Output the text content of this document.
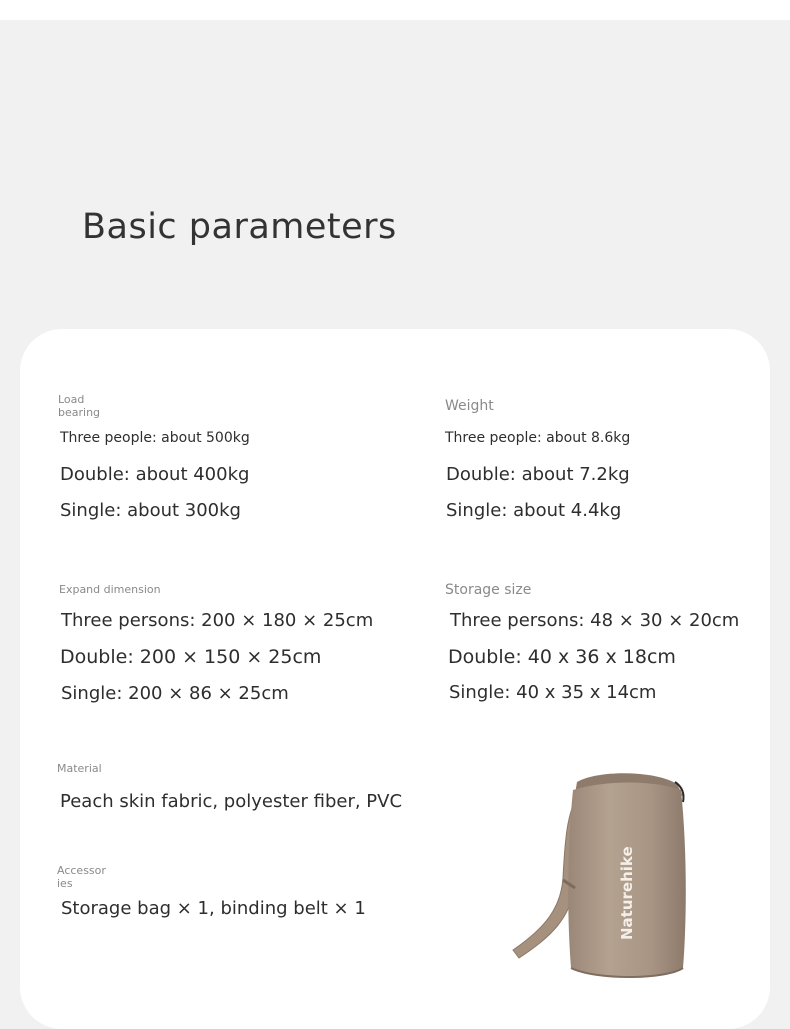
Basic parameters
Load
bearing
Three people: about 500kg
Double: about 400kg
Single: about 300kg
Weight
Three people: about 8.6kg
Double: about 7.2kg
Single: about 4.4kg
Expand dimension
Three persons: 200 × 180 × 25cm
Double: 200 × 150 × 25cm
Single: 200 × 86 × 25cm
Storage size
Three persons: 48 × 30 × 20cm
Double: 40 x 36 x 18cm
Single: 40 x 35 x 14cm
Material
Peach skin fabric, polyester fiber, PVC
Accessor
ies
Storage bag × 1, binding belt × 1	Naturehike
